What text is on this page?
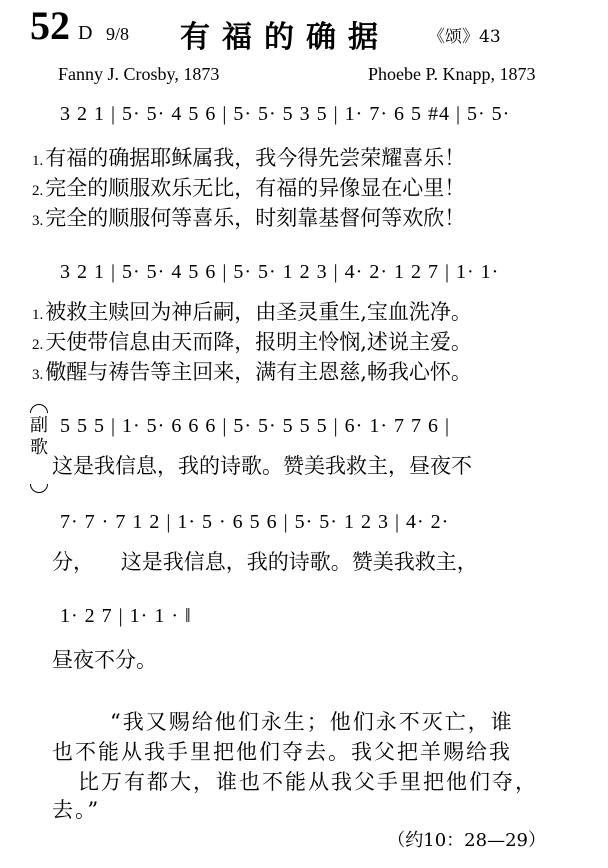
52 D 9/8 有福的确据 《颂》43
Fanny J. Crosby, 1873	Phoebe P. Knapp, 1873
3 2 1 | 5· 5· 4 5 6 | 5· 5· 5 3 5 | 1· 7· 6 5 #4 | 5· 5·
1.有福的确据耶稣属我，我今得先尝荣耀喜乐！
2.完全的顺服欢乐无比，有福的异像显在心里！
3.完全的顺服何等喜乐，时刻靠基督何等欢欣！
3 2 1 | 5· 5· 4 5 6 | 5· 5· 1 2 3 | 4· 2· 1 2 7 | 1· 1·
1.被救主赎回为神后嗣，由圣灵重生,宝血洗净。
2.天使带信息由天而降，报明主怜悯,述说主爱。
3.儆醒与祷告等主回来，满有主恩慈,畅我心怀。
副歌
5 5 5 | 1· 5· 6 6 6 | 5· 5· 5 5 5 | 6· 1· 7 7 6 |
这是我信息，我的诗歌。赞美我救主，昼夜不
7· 7 · 7 1 2 | 1· 5 · 6 5 6 | 5· 5· 1 2 3 | 4· 2·
分，    这是我信息，我的诗歌。赞美我救主，
1· 2 7 | 1· 1 · ‖
昼夜不分。
“我又赐给他们永生；他们永不灭亡，谁
也不能从我手里把他们夺去。我父把羊赐给我
比万有都大，谁也不能从我父手里把他们夺，
去。”
（约10：28—29）
